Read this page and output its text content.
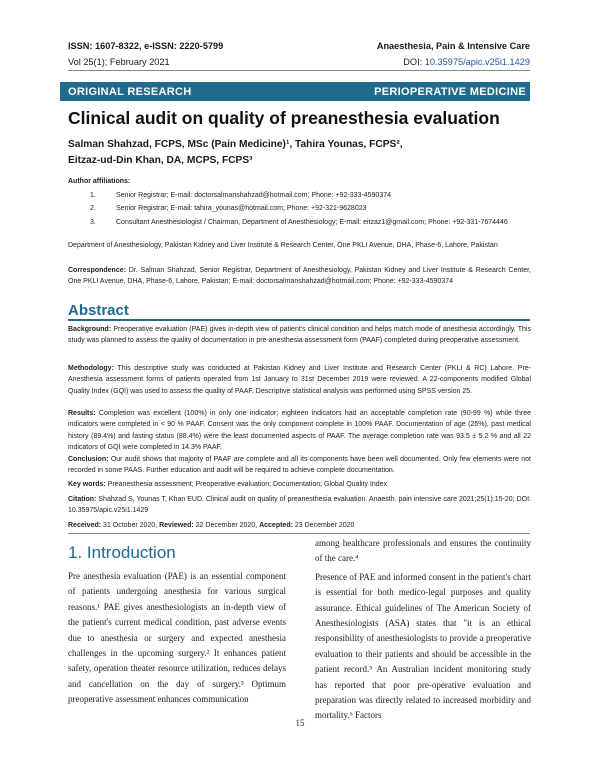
ISSN: 1607-8322, e-ISSN: 2220-5799	Anaesthesia, Pain & Intensive Care
Vol 25(1); February 2021	DOI: 10.35975/apic.v25i1.1429
ORIGINAL RESEARCH	PERIOPERATIVE MEDICINE
Clinical audit on quality of preanesthesia evaluation
Salman Shahzad, FCPS, MSc (Pain Medicine)¹, Tahira Younas, FCPS²,
Eitzaz-ud-Din Khan, DA, MCPS, FCPS³
Author affiliations:
1.	Senior Registrar; E-mail: doctorsalmanshahzad@hotmail.com; Phone: +92-333-4590374
2.	Senior Registrar; E-mail: tahira_younas@hotmail.com; Phone: +92-321-9628023
3.	Consultant Anesthesiologist / Chairman, Department of Anesthesiology; E-mail: eitzaz1@gmail.com; Phone: +92-331-7674446
Department of Anesthesiology, Pakistan Kidney and Liver Institute & Research Center, One PKLI Avenue, DHA, Phase-6, Lahore, Pakistan
Correspondence: Dr. Salman Shahzad, Senior Registrar, Department of Anesthesiology, Pakistan Kidney and Liver Institute & Research Center, One PKLI Avenue, DHA, Phase-6, Lahore, Pakistan; E-mail: doctorsalmanshahzad@hotmail.com; Phone: +92-333-4590374
Abstract
Background: Preoperative evaluation (PAE) gives in-depth view of patient's clinical condition and helps match mode of anesthesia accordingly. This study was planned to assess the quality of documentation in pre-anesthesia assessment form (PAAF) completed during preoperative assessment.
Methodology: This descriptive study was conducted at Pakistan Kidney and Liver Institute and Research Center (PKLI & RC) Lahore. Pre-Anesthesia assessment forms of patients operated from 1st January to 31st December 2019 were reviewed. A 22-components modified Global Quality Index (GQI) was used to assess the quality of PAAF. Descriptive statistical analysis was performed using SPSS version 25.
Results: Completion was excellent (100%) in only one indicator; eighteen indicators had an acceptable completion rate (90-99 %) while three indicators were completed in < 90 % PAAF. Consent was the only component complete in 100% PAAF. Documentation of age (25%), past medical history (89.4%) and fasting status (88.4%) were the least documented aspects of PAAF. The average completion rate was 93.5 ± 5.2 % and all 22 indicators of GQI were completed in 14.3% PAAF.
Conclusion: Our audit shows that majority of PAAF are complete and all its components have been well documented. Only few elements were not recorded in some PAAS. Further education and audit will be required to achieve complete documentation.
Key words: Preanesthesia assessment; Preoperative evaluation; Documentation; Global Quality Index
Citation: Shahzad S, Younas T, Khan EUD. Clinical audit on quality of preanesthesia evaluation. Anaesth. pain intensive care 2021;25(1):15-20; DOI: 10.35975/apic.v25i1.1429
Received: 31 October 2020, Reviewed: 22 December 2020, Accepted: 23 December 2020
1. Introduction

Pre anesthesia evaluation (PAE) is an essential component of patients undergoing anesthesia for various surgical reasons.¹ PAE gives anesthesiologists an in-depth view of the patient's current medical condition, past adverse events due to anesthesia or surgery and expected anesthesia challenges in the upcoming surgery.² It enhances patient safety, operation theater resource utilization, reduces delays and cancellation on the day of surgery.³ Optimum preoperative assessment enhances communication

among healthcare professionals and ensures the continuity of the care.⁴

Presence of PAE and informed consent in the patient's chart is essential for both medico-legal purposes and quality assurance. Ethical guidelines of The American Society of Anesthesiologists (ASA) states that "it is an ethical responsibility of anesthesiologists to provide a preoperative evaluation to their patients and should be accessible in the patient record.⁵ An Australian incident monitoring study has reported that poor pre-operative evaluation and preparation was directly related to increased morbidity and mortality.⁶ Factors

15
